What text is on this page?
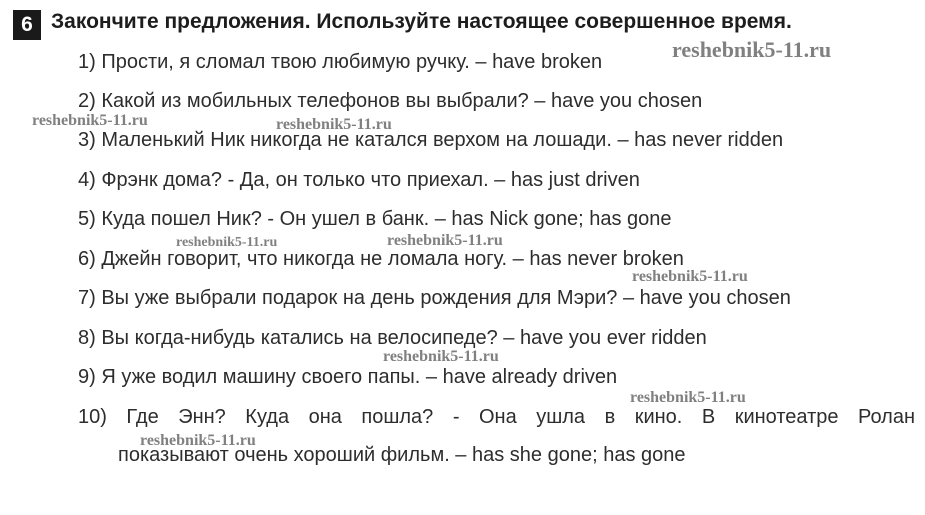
6 Закончите предложения. Используйте настоящее совершенное время.
1) Прости, я сломал твою любимую ручку. – have broken
2) Какой из мобильных телефонов вы выбрали? – have you chosen
3) Маленький Ник никогда не катался верхом на лошади. – has never ridden
4) Фрэнк дома? - Да, он только что приехал. – has just driven
5) Куда пошел Ник? - Он ушел в банк. – has Nick gone; has gone
6) Джейн говорит, что никогда не ломала ногу. – has never broken
7) Вы уже выбрали подарок на день рождения для Мэри? – have you chosen
8) Вы когда-нибудь катались на велосипеде? – have you ever ridden
9) Я уже водил машину своего папы. – have already driven
10) Где Энн? Куда она пошла? - Она ушла в кино. В кинотеатре Ролан
показывают очень хороший фильм. – has she gone; has gone
reshebnik5-11.ru
reshebnik5-11.ru	reshebnik5-11.ru
reshebnik5-11.ru	reshebnik5-11.ru
reshebnik5-11.ru
reshebnik5-11.ru
reshebnik5-11.ru
reshebnik5-11.ru
